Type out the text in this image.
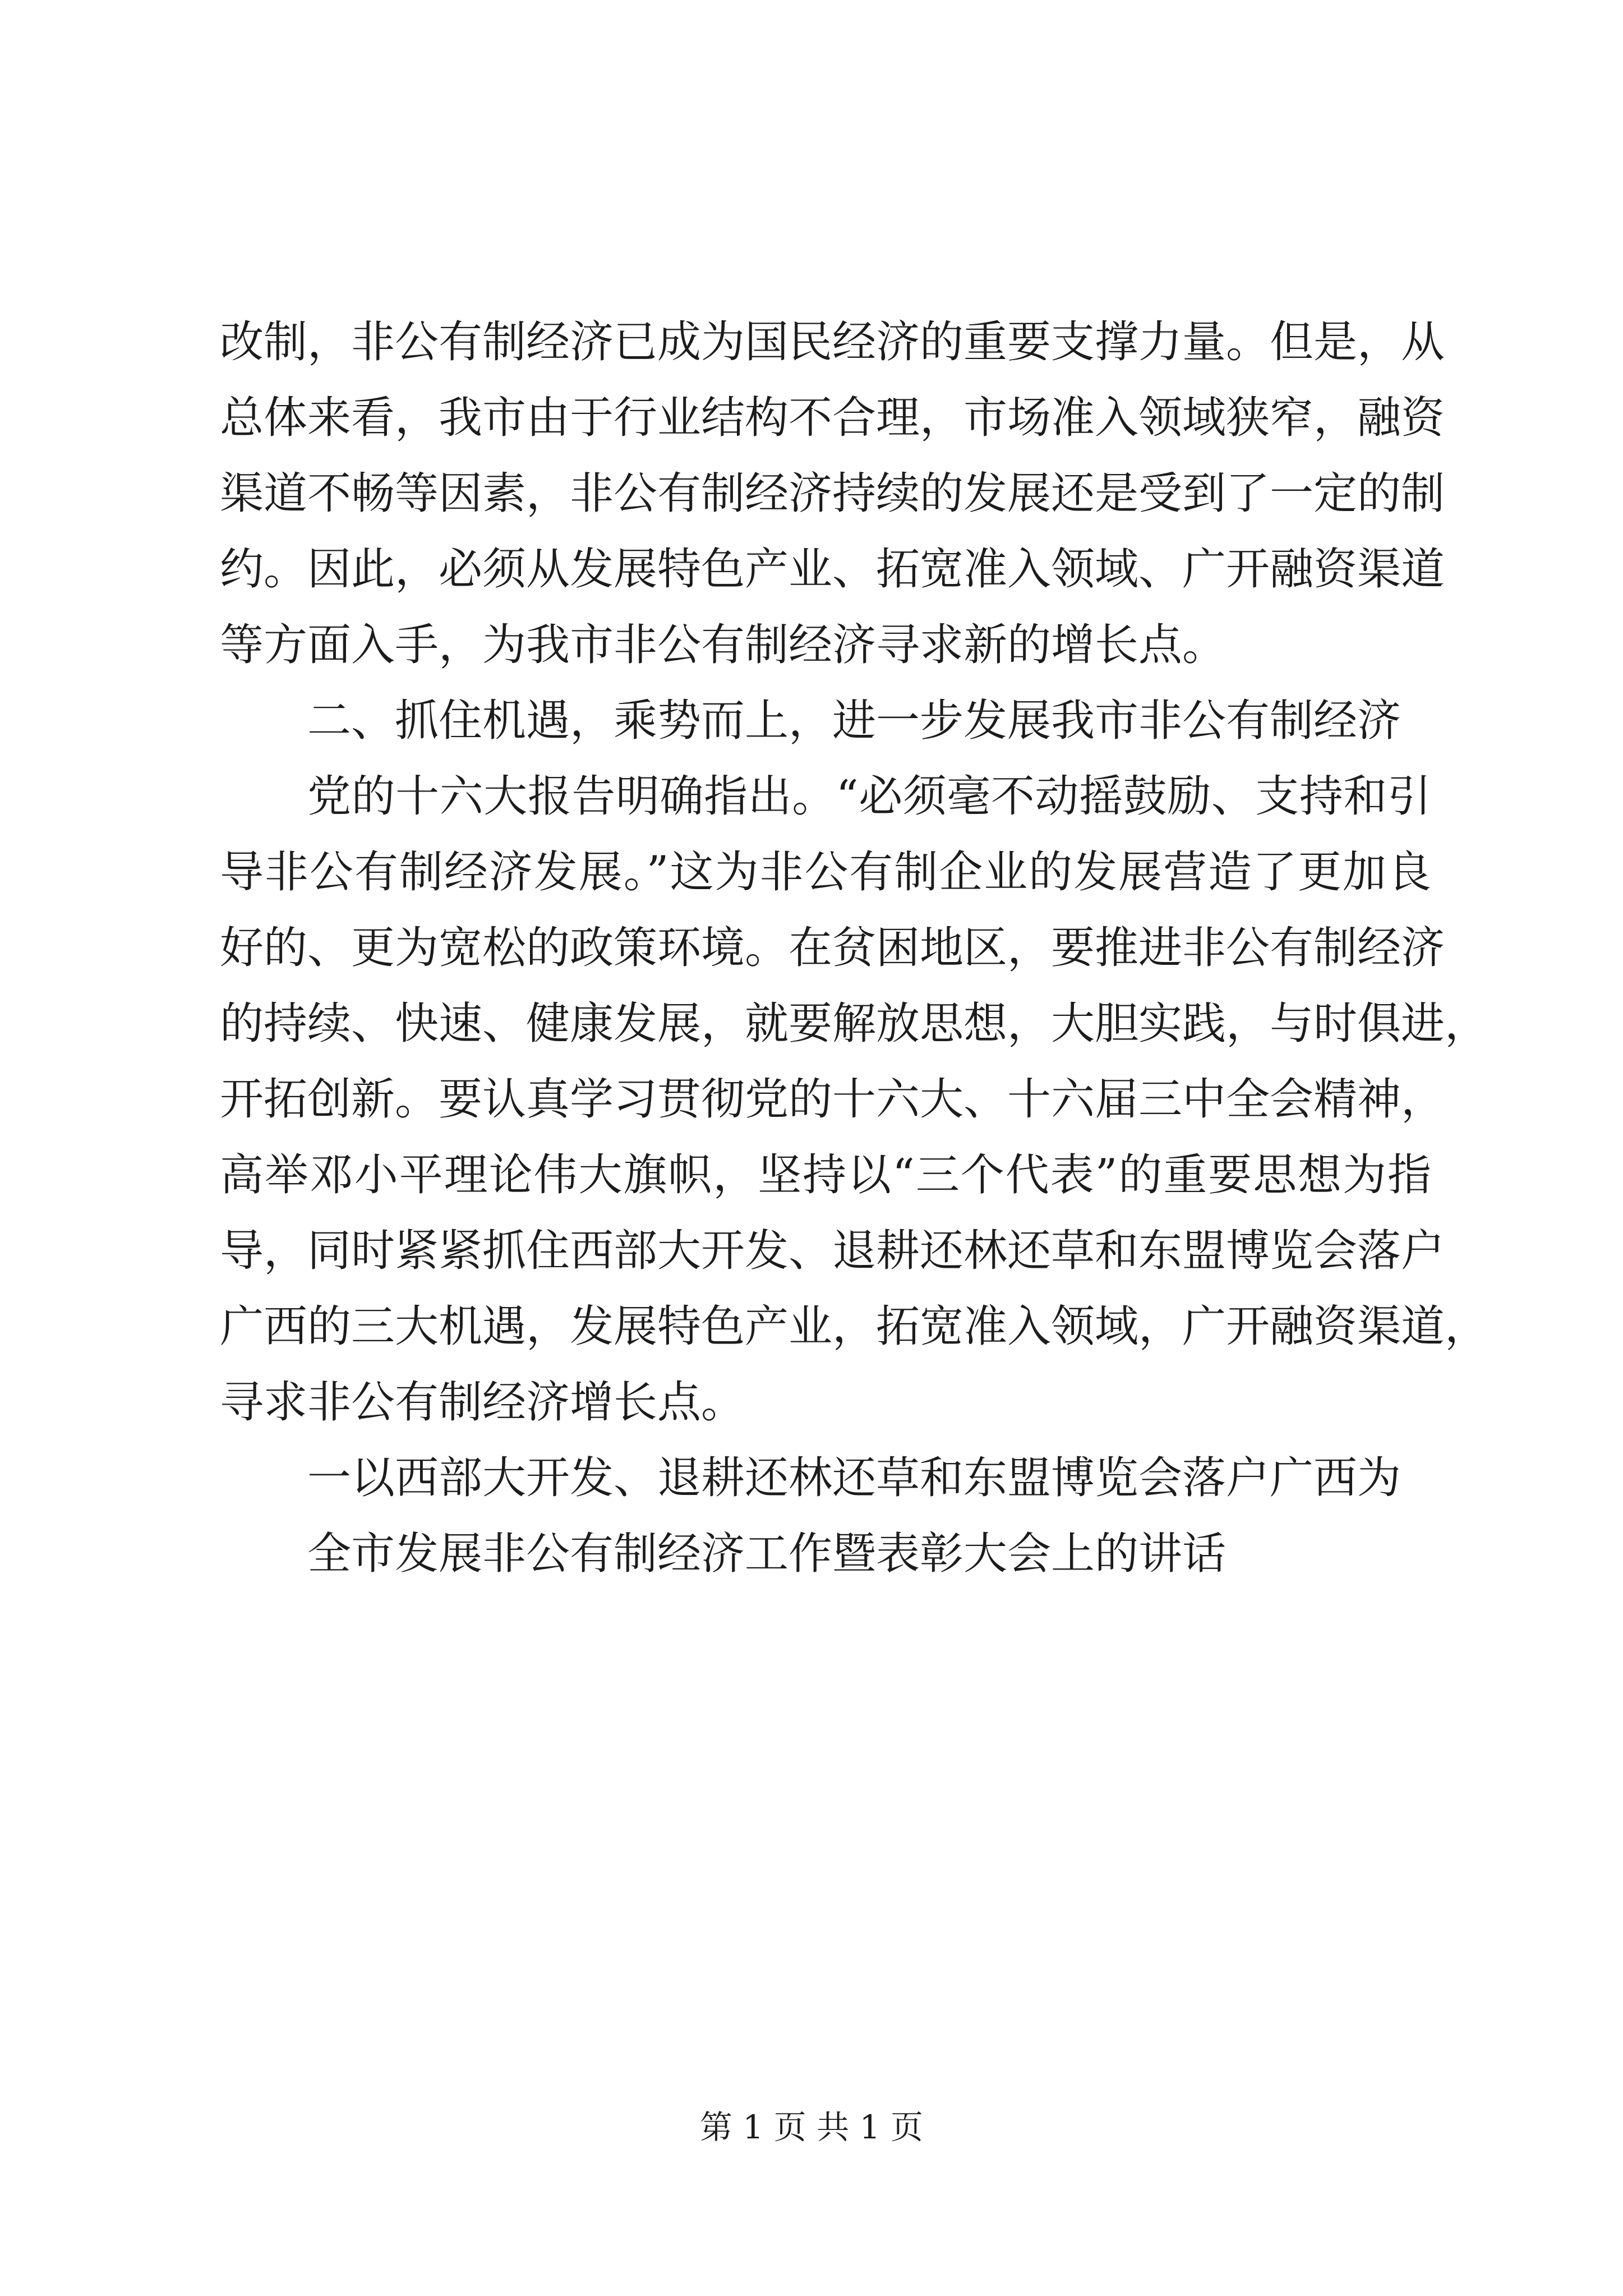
改制，非公有制经济已成为国民经济的重要支撑力量。但是，从

总体来看，我市由于行业结构不合理，市场准入领域狭窄，融资

渠道不畅等因素，非公有制经济持续的发展还是受到了一定的制

约。因此，必须从发展特色产业、拓宽准入领域、广开融资渠道

等方面入手，为我市非公有制经济寻求新的增长点。

二、抓住机遇，乘势而上，进一步发展我市非公有制经济

党的十六大报告明确指出。“必须毫不动摇鼓励、支持和引

导非公有制经济发展。”这为非公有制企业的发展营造了更加良

好的、更为宽松的政策环境。在贫困地区，要推进非公有制经济

的持续、快速、健康发展，就要解放思想，大胆实践，与时俱进，

开拓创新。要认真学习贯彻党的十六大、十六届三中全会精神，

高举邓小平理论伟大旗帜，坚持以“三个代表”的重要思想为指

导，同时紧紧抓住西部大开发、退耕还林还草和东盟博览会落户

广西的三大机遇，发展特色产业，拓宽准入领域，广开融资渠道，

寻求非公有制经济增长点。

一以西部大开发、退耕还林还草和东盟博览会落户广西为

全市发展非公有制经济工作暨表彰大会上的讲话

第 1 页 共 1 页
